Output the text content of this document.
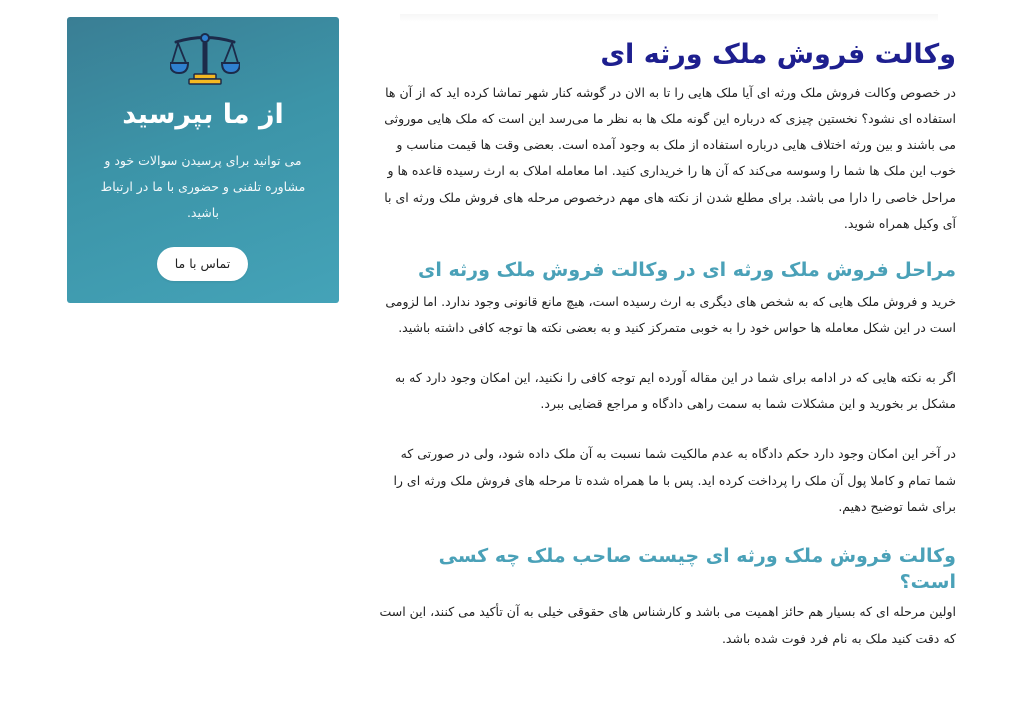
وکالت فروش ملک ورثه ای

در خصوص وکالت فروش ملک ورثه ای آیا ملک هایی را تا به الان در گوشه کنار شهر تماشا کرده اید که از آن ها استفاده ای نشود؟ نخستین چیزی که درباره این گونه ملک ها به نظر ما می‌رسد این است که ملک هایی موروثی می باشند و بین ورثه اختلاف هایی درباره استفاده از ملک به وجود آمده است. بعضی وقت ها قیمت مناسب و خوب این ملک ها شما را وسوسه می‌کند که آن ها را خریداری کنید. اما معامله املاک به ارث رسیده قاعده ها و مراحل خاصی را دارا می باشد. برای مطلع شدن از نکته های مهم درخصوص مرحله های فروش ملک ورثه ای با آی وکیل همراه شوید.

مراحل فروش ملک ورثه ای در وکالت فروش ملک ورثه ای

خرید و فروش ملک هایی که به شخص های دیگری به ارث رسیده است، هیچ مانع قانونی وجود ندارد. اما لزومی است در این شکل معامله ها حواس خود را به خوبی متمرکز کنید و به بعضی نکته ها توجه کافی داشته باشید.

اگر به نکته هایی که در ادامه برای شما در این مقاله آورده ایم توجه کافی را نکنید، این امکان وجود دارد که به مشکل بر بخورید و این مشکلات شما به سمت راهی دادگاه و مراجع قضایی ببرد.

در آخر این امکان وجود دارد حکم دادگاه به عدم مالکیت شما نسبت به آن ملک داده شود، ولی در صورتی که شما تمام و کاملا پول آن ملک را پرداخت کرده اید. پس با ما همراه شده تا مرحله های فروش ملک ورثه ای را برای شما توضیح دهیم.

وکالت فروش ملک ورثه ای چیست صاحب ملک چه کسی است؟

اولین مرحله ای که بسیار هم حائز اهمیت می باشد و کارشناس های حقوقی خیلی به آن تأکید می کنند، این است که دقت کنید ملک به نام فرد فوت شده باشد.

از ما بپرسید
می توانید برای پرسیدن سوالات خود و مشاوره تلفنی و حضوری با ما در ارتباط باشید.
تماس با ما
